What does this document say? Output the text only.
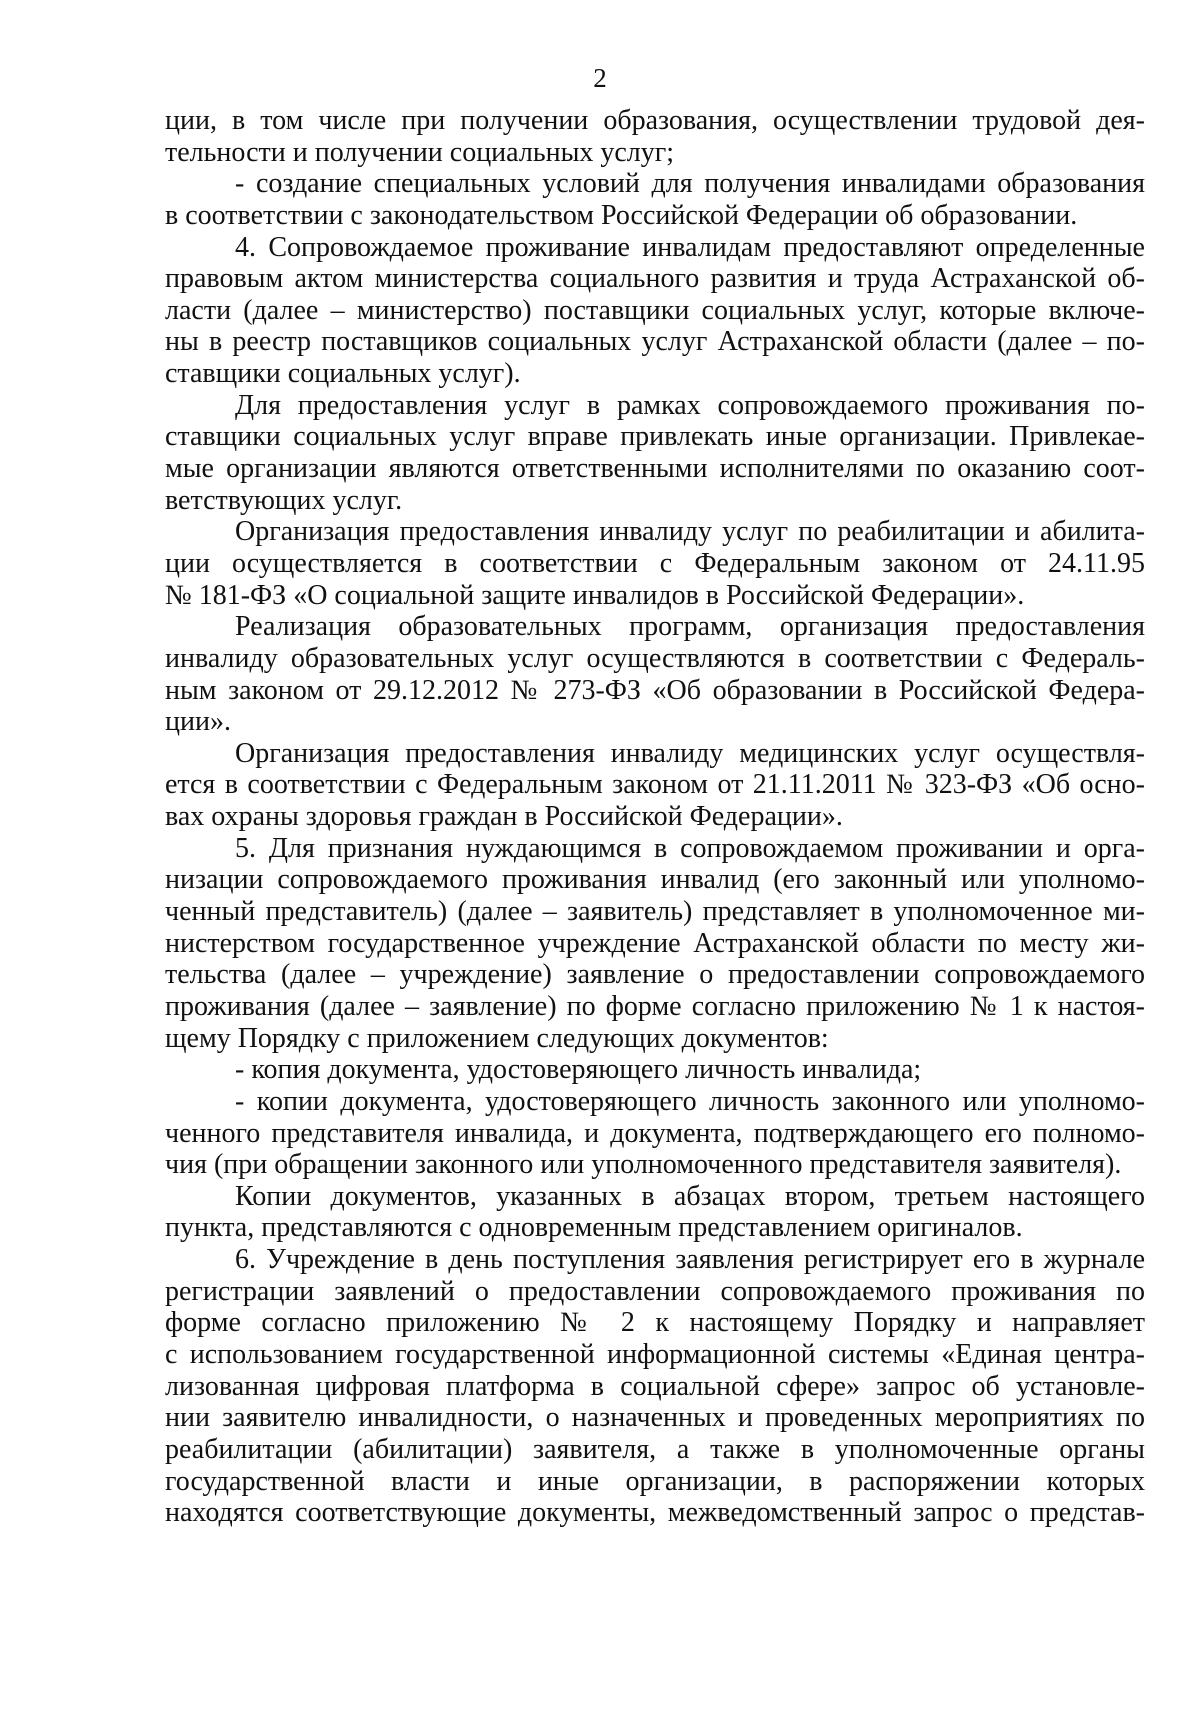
2
ции, в том числе при получении образования, осуществлении трудовой дея-
тельности и получении социальных услуг;
- создание специальных условий для получения инвалидами образования
в соответствии с законодательством Российской Федерации об образовании.
4. Сопровождаемое проживание инвалидам предоставляют определенные
правовым актом министерства социального развития и труда Астраханской об-
ласти (далее – министерство) поставщики социальных услуг, которые включе-
ны в реестр поставщиков социальных услуг Астраханской области (далее – по-
ставщики социальных услуг).
Для предоставления услуг в рамках сопровождаемого проживания по-
ставщики социальных услуг вправе привлекать иные организации. Привлекае-
мые организации являются ответственными исполнителями по оказанию соот-
ветствующих услуг.
Организация предоставления инвалиду услуг по реабилитации и абилита-
ции осуществляется в соответствии с Федеральным законом от 24.11.95
№ 181-ФЗ «О социальной защите инвалидов в Российской Федерации».
Реализация образовательных программ, организация предоставления
инвалиду образовательных услуг осуществляются в соответствии с Федераль-
ным законом от 29.12.2012 № 273-ФЗ «Об образовании в Российской Федера-
ции».
Организация предоставления инвалиду медицинских услуг осуществля-
ется в соответствии с Федеральным законом от 21.11.2011 № 323-ФЗ «Об осно-
вах охраны здоровья граждан в Российской Федерации».
5. Для признания нуждающимся в сопровождаемом проживании и орга-
низации сопровождаемого проживания инвалид (его законный или уполномо-
ченный представитель) (далее – заявитель) представляет в уполномоченное ми-
нистерством государственное учреждение Астраханской области по месту жи-
тельства (далее – учреждение) заявление о предоставлении сопровождаемого
проживания (далее – заявление) по форме согласно приложению № 1 к настоя-
щему Порядку с приложением следующих документов:
- копия документа, удостоверяющего личность инвалида;
- копии документа, удостоверяющего личность законного или уполномо-
ченного представителя инвалида, и документа, подтверждающего его полномо-
чия (при обращении законного или уполномоченного представителя заявителя).
Копии документов, указанных в абзацах втором, третьем настоящего
пункта, представляются с одновременным представлением оригиналов.
6. Учреждение в день поступления заявления регистрирует его в журнале
регистрации заявлений о предоставлении сопровождаемого проживания по
форме согласно приложению № 2 к настоящему Порядку и направляет
с использованием государственной информационной системы «Единая центра-
лизованная цифровая платформа в социальной сфере» запрос об установле-
нии заявителю инвалидности, о назначенных и проведенных мероприятиях по
реабилитации (абилитации) заявителя, а также в уполномоченные органы
государственной власти и иные организации, в распоряжении которых
находятся соответствующие документы, межведомственный запрос о представ-
